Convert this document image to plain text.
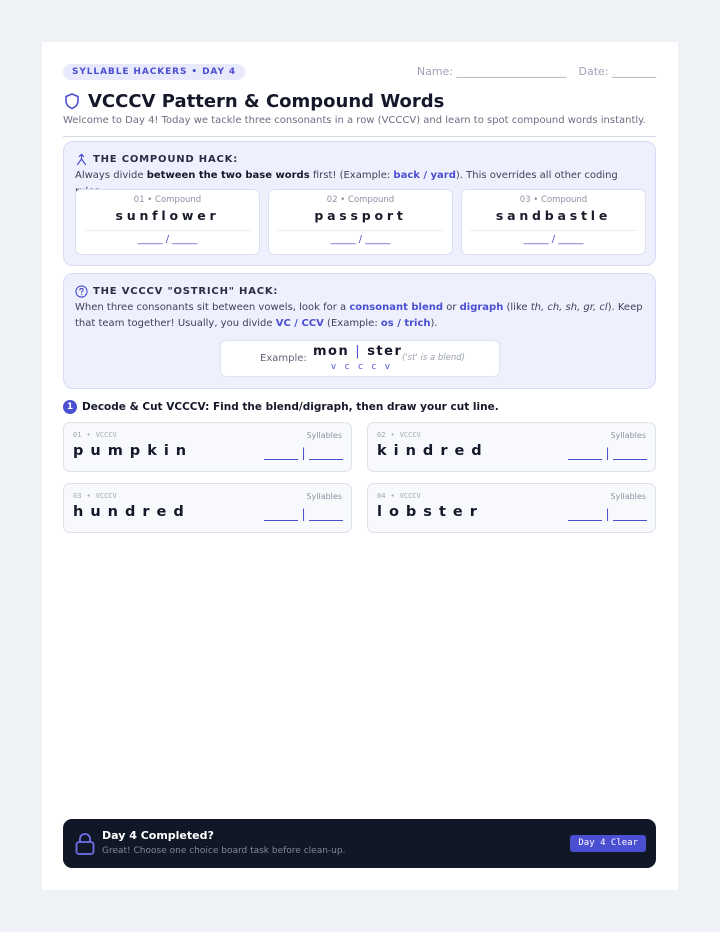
SYLLABLE HACKERS • DAY 4	Name: ____________________ Date: ________
VCCCV Pattern & Compound Words
Welcome to Day 4! Today we tackle three consonants in a row (VCCCV) and learn to spot compound words instantly.
THE COMPOUND HACK:
Always divide between the two base words first! (Example: back / yard). This overrides all other coding
01 • Compound
sunflower
_____ / _____
02 • Compound
passport
_____ / _____
03 • Compound
sandbastle
_____ / _____
THE VCCCV "OSTRICH" HACK:
When three consonants sit between vowels, look for a consonant blend or digraph (like th, ch, sh, gr, cl). Keep that team together! Usually, you divide VC / CCV (Example: os / trich).
Example: mon | ster
v c c c v
('st' is a blend)
1 Decode & Cut VCCCV: Find the blend/digraph, then draw your cut line.
01 • VCCCV	Syllables
pumpkin	|
02 • VCCCV	Syllables
kindred	|
03 • VCCCV	Syllables
hundred	|
04 • VCCCV	Syllables
lobster	|
Day 4 Completed?
Great! Choose one choice board task before clean-up.
Day 4 Clear
